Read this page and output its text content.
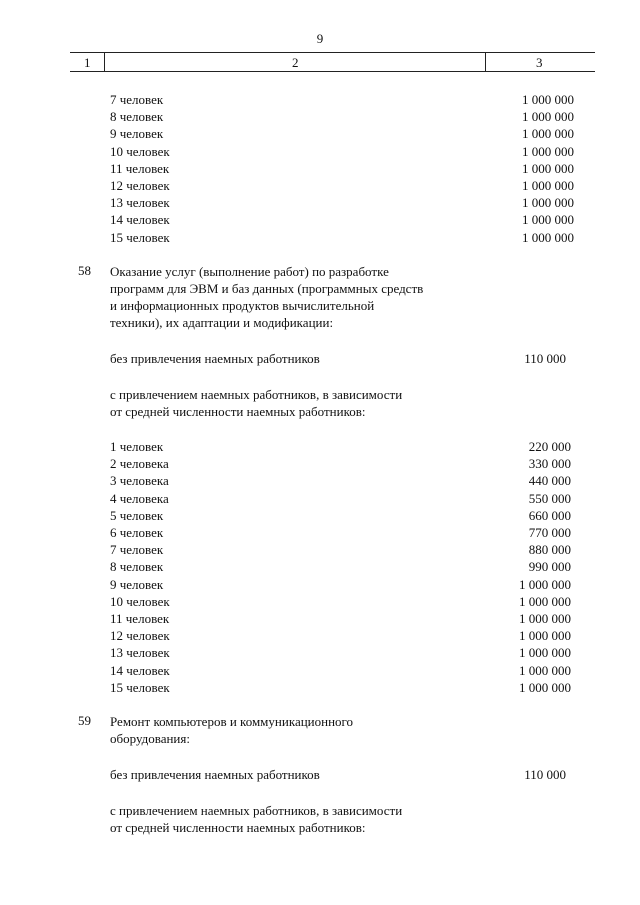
9
1	2	3
7 человек	1 000 000
8 человек	1 000 000
9 человек	1 000 000
10 человек	1 000 000
11 человек	1 000 000
12 человек	1 000 000
13 человек	1 000 000
14 человек	1 000 000
15 человек	1 000 000
58 Оказание услуг (выполнение работ) по разработке
программ для ЭВМ и баз данных (программных средств
и информационных продуктов вычислительной
техники), их адаптации и модификации:
без привлечения наемных работников	110 000
с привлечением наемных работников, в зависимости
от средней численности наемных работников:
1 человек	220 000
2 человека	330 000
3 человека	440 000
4 человека	550 000
5 человек	660 000
6 человек	770 000
7 человек	880 000
8 человек	990 000
9 человек	1 000 000
10 человек	1 000 000
11 человек	1 000 000
12 человек	1 000 000
13 человек	1 000 000
14 человек	1 000 000
15 человек	1 000 000
59 Ремонт компьютеров и коммуникационного
оборудования:
без привлечения наемных работников	110 000
с привлечением наемных работников, в зависимости
от средней численности наемных работников:
